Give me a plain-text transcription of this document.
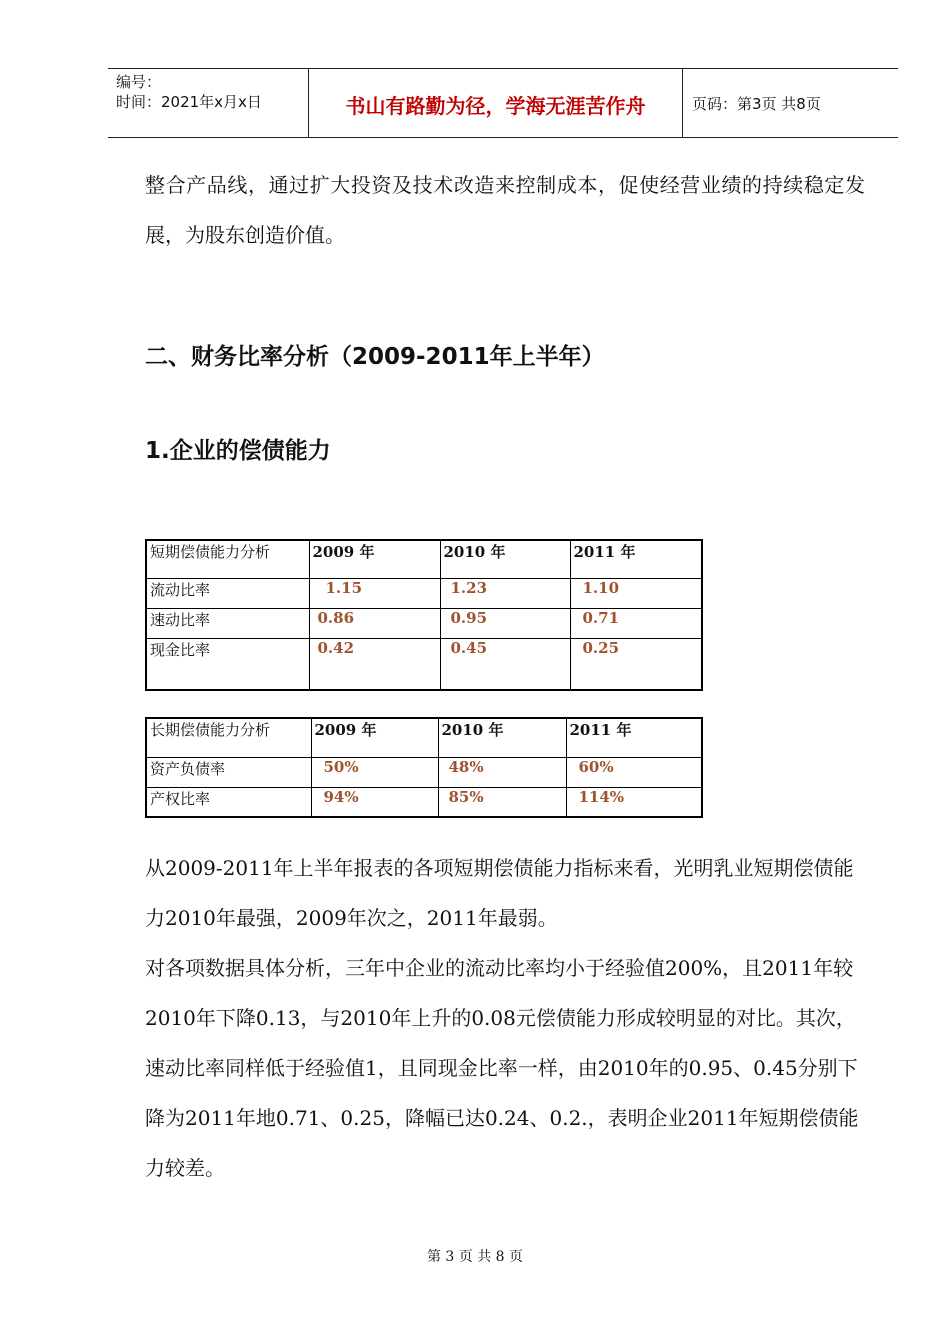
编号：
时间：2021年x月x日	书山有路勤为径，学海无涯苦作舟	页码：第3页 共8页
整合产品线，通过扩大投资及技术改造来控制成本，促使经营业绩的持续稳定发展，为股东创造价值。
二、财务比率分析（2009-2011年上半年）
1.企业的偿债能力
短期偿债能力分析	2009 年	2010 年	2011 年
流动比率	1.15	1.23	1.10
速动比率	0.86	0.95	0.71
现金比率	0.42	0.45	0.25
长期偿债能力分析	2009 年	2010 年	2011 年
资产负债率	50%	48%	60%
产权比率	94%	85%	114%
从2009-2011年上半年报表的各项短期偿债能力指标来看，光明乳业短期偿债能力2010年最强，2009年次之，2011年最弱。
对各项数据具体分析，三年中企业的流动比率均小于经验值200%，且2011年较2010年下降0.13，与2010年上升的0.08元偿债能力形成较明显的对比。其次，速动比率同样低于经验值1，且同现金比率一样，由2010年的0.95、0.45分别下降为2011年地0.71、0.25，降幅已达0.24、0.2.，表明企业2011年短期偿债能力较差。
第 3 页 共 8 页
